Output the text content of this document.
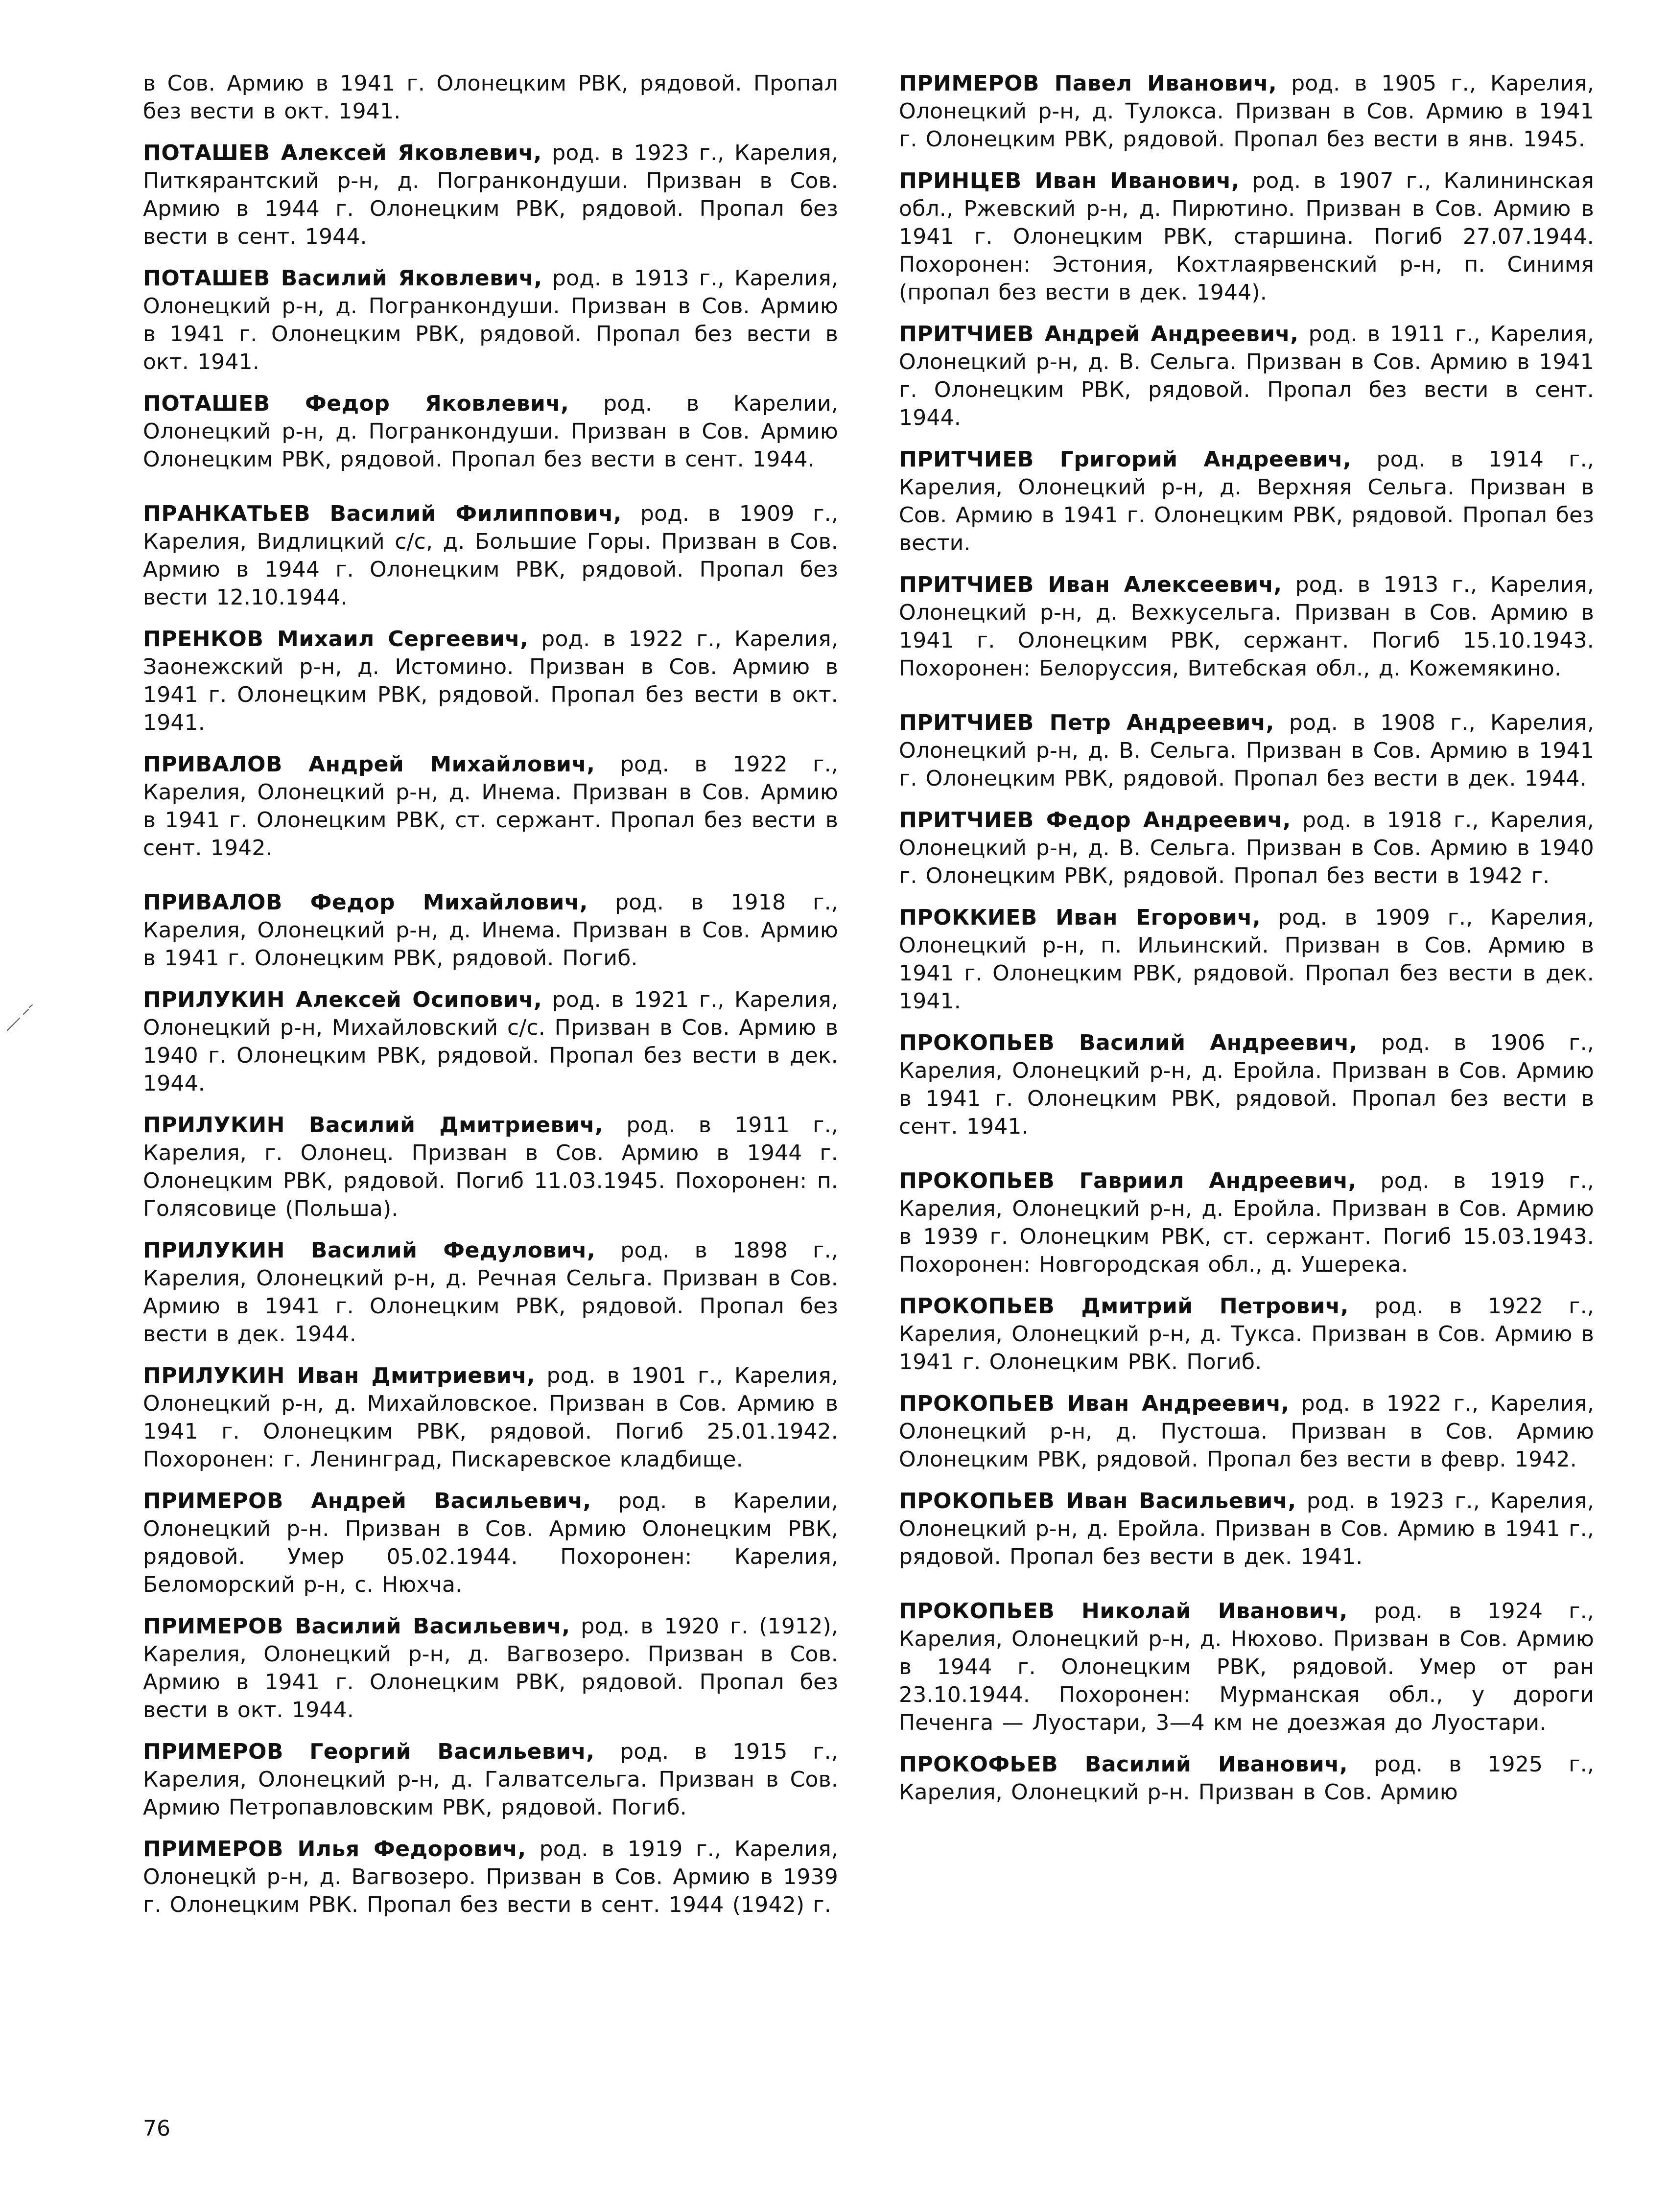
в Сов. Армию в 1941 г. Олонецким РВК, рядовой. Пропал без вести в окт. 1941.

ПОТАШЕВ Алексей Яковлевич, род. в 1923 г., Карелия, Питкярантский р-н, д. Погранкондуши. Призван в Сов. Армию в 1944 г. Олонецким РВК, рядовой. Пропал без вести в сент. 1944.

ПОТАШЕВ Василий Яковлевич, род. в 1913 г., Карелия, Олонецкий р-н, д. Погранкондуши. Призван в Сов. Армию в 1941 г. Олонецким РВК, рядовой. Пропал без вести в окт. 1941.

ПОТАШЕВ Федор Яковлевич, род. в Карелии, Олонецкий р-н, д. Погранкондуши. Призван в Сов. Армию Олонецким РВК, рядовой. Пропал без вести в сент. 1944.

ПРАНКАТЬЕВ Василий Филиппович, род. в 1909 г., Карелия, Видлицкий с/с, д. Большие Горы. Призван в Сов. Армию в 1944 г. Олонецким РВК, рядовой. Пропал без вести 12.10.1944.

ПРЕНКОВ Михаил Сергеевич, род. в 1922 г., Карелия, Заонежский р-н, д. Истомино. Призван в Сов. Армию в 1941 г. Олонецким РВК, рядовой. Пропал без вести в окт. 1941.

ПРИВАЛОВ Андрей Михайлович, род. в 1922 г., Карелия, Олонецкий р-н, д. Инема. Призван в Сов. Армию в 1941 г. Олонецким РВК, ст. сержант. Пропал без вести в сент. 1942.

ПРИВАЛОВ Федор Михайлович, род. в 1918 г., Карелия, Олонецкий р-н, д. Инема. Призван в Сов. Армию в 1941 г. Олонецким РВК, рядовой. Погиб.

ПРИЛУКИН Алексей Осипович, род. в 1921 г., Карелия, Олонецкий р-н, Михайловский с/с. Призван в Сов. Армию в 1940 г. Олонецким РВК, рядовой. Пропал без вести в дек. 1944.

ПРИЛУКИН Василий Дмитриевич, род. в 1911 г., Карелия, г. Олонец. Призван в Сов. Армию в 1944 г. Олонецким РВК, рядовой. Погиб 11.03.1945. Похоронен: п. Голясовице (Польша).

ПРИЛУКИН Василий Федулович, род. в 1898 г., Карелия, Олонецкий р-н, д. Речная Сельга. Призван в Сов. Армию в 1941 г. Олонецким РВК, рядовой. Пропал без вести в дек. 1944.

ПРИЛУКИН Иван Дмитриевич, род. в 1901 г., Карелия, Олонецкий р-н, д. Михайловское. Призван в Сов. Армию в 1941 г. Олонецким РВК, рядовой. Погиб 25.01.1942. Похоронен: г. Ленинград, Пискаревское кладбище.

ПРИМЕРОВ Андрей Васильевич, род. в Карелии, Олонецкий р-н. Призван в Сов. Армию Олонецким РВК, рядовой. Умер 05.02.1944. Похоронен: Карелия, Беломорский р-н, с. Нюхча.

ПРИМЕРОВ Василий Васильевич, род. в 1920 г. (1912), Карелия, Олонецкий р-н, д. Вагвозеро. Призван в Сов. Армию в 1941 г. Олонецким РВК, рядовой. Пропал без вести в окт. 1944.

ПРИМЕРОВ Георгий Васильевич, род. в 1915 г., Карелия, Олонецкий р-н, д. Галватсельга. Призван в Сов. Армию Петропавловским РВК, рядовой. Погиб.

ПРИМЕРОВ Илья Федорович, род. в 1919 г., Карелия, Олонецкй р-н, д. Вагвозеро. Призван в Сов. Армию в 1939 г. Олонецким РВК. Пропал без вести в сент. 1944 (1942) г.

ПРИМЕРОВ Павел Иванович, род. в 1905 г., Карелия, Олонецкий р-н, д. Тулокса. Призван в Сов. Армию в 1941 г. Олонецким РВК, рядовой. Пропал без вести в янв. 1945.

ПРИНЦЕВ Иван Иванович, род. в 1907 г., Калининская обл., Ржевский р-н, д. Пирютино. Призван в Сов. Армию в 1941 г. Олонецким РВК, старшина. Погиб 27.07.1944. Похоронен: Эстония, Кохтлаярвенский р-н, п. Синимя (пропал без вести в дек. 1944).

ПРИТЧИЕВ Андрей Андреевич, род. в 1911 г., Карелия, Олонецкий р-н, д. В. Сельга. Призван в Сов. Армию в 1941 г. Олонецким РВК, рядовой. Пропал без вести в сент. 1944.

ПРИТЧИЕВ Григорий Андреевич, род. в 1914 г., Карелия, Олонецкий р-н, д. Верхняя Сельга. Призван в Сов. Армию в 1941 г. Олонецким РВК, рядовой. Пропал без вести.

ПРИТЧИЕВ Иван Алексеевич, род. в 1913 г., Карелия, Олонецкий р-н, д. Вехкусельга. Призван в Сов. Армию в 1941 г. Олонецким РВК, сержант. Погиб 15.10.1943. Похоронен: Белоруссия, Витебская обл., д. Кожемякино.

ПРИТЧИЕВ Петр Андреевич, род. в 1908 г., Карелия, Олонецкий р-н, д. В. Сельга. Призван в Сов. Армию в 1941 г. Олонецким РВК, рядовой. Пропал без вести в дек. 1944.

ПРИТЧИЕВ Федор Андреевич, род. в 1918 г., Карелия, Олонецкий р-н, д. В. Сельга. Призван в Сов. Армию в 1940 г. Олонецким РВК, рядовой. Пропал без вести в 1942 г.

ПРОККИЕВ Иван Егорович, род. в 1909 г., Карелия, Олонецкий р-н, п. Ильинский. Призван в Сов. Армию в 1941 г. Олонецким РВК, рядовой. Пропал без вести в дек. 1941.

ПРОКОПЬЕВ Василий Андреевич, род. в 1906 г., Карелия, Олонецкий р-н, д. Еройла. Призван в Сов. Армию в 1941 г. Олонецким РВК, рядовой. Пропал без вести в сент. 1941.

ПРОКОПЬЕВ Гавриил Андреевич, род. в 1919 г., Карелия, Олонецкий р-н, д. Еройла. Призван в Сов. Армию в 1939 г. Олонецким РВК, ст. сержант. Погиб 15.03.1943. Похоронен: Новгородская обл., д. Ушерека.

ПРОКОПЬЕВ Дмитрий Петрович, род. в 1922 г., Карелия, Олонецкий р-н, д. Тукса. Призван в Сов. Армию в 1941 г. Олонецким РВК. Погиб.

ПРОКОПЬЕВ Иван Андреевич, род. в 1922 г., Карелия, Олонецкий р-н, д. Пустоша. Призван в Сов. Армию Олонецким РВК, рядовой. Пропал без вести в февр. 1942.

ПРОКОПЬЕВ Иван Васильевич, род. в 1923 г., Карелия, Олонецкий р-н, д. Еройла. Призван в Сов. Армию в 1941 г., рядовой. Пропал без вести в дек. 1941.

ПРОКОПЬЕВ Николай Иванович, род. в 1924 г., Карелия, Олонецкий р-н, д. Нюхово. Призван в Сов. Армию в 1944 г. Олонецким РВК, рядовой. Умер от ран 23.10.1944. Похоронен: Мурманская обл., у дороги Печенга — Луостари, 3—4 км не доезжая до Луостари.

ПРОКОФЬЕВ Василий Иванович, род. в 1925 г., Карелия, Олонецкий р-н. Призван в Сов. Армию

76
